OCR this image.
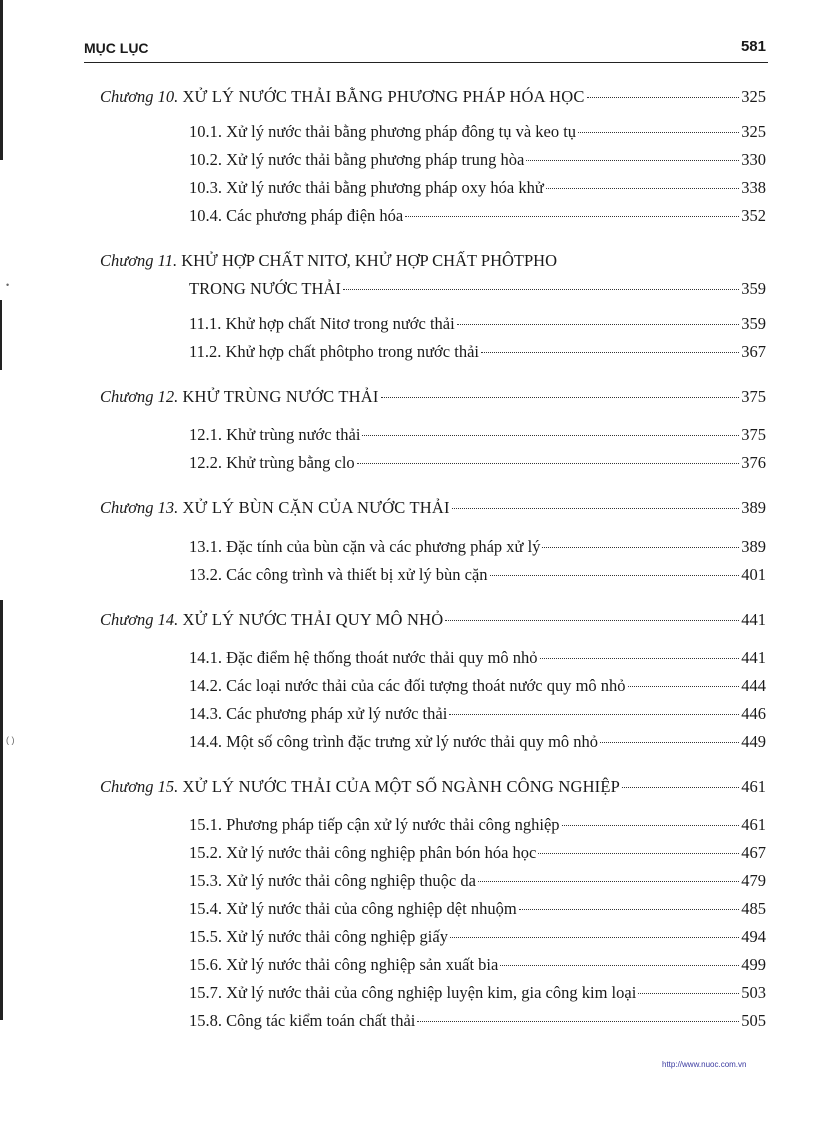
•
( )
MỤC LỤC	581
Chương 10.
XỬ LÝ NƯỚC THẢI BẰNG PHƯƠNG PHÁP HÓA HỌC	325
10.1. Xử lý nước thải bằng phương pháp đông tụ và keo tụ	325
10.2. Xử lý nước thải bằng phương pháp trung hòa	330
10.3. Xử lý nước thải bằng phương pháp oxy hóa khử	338
10.4. Các phương pháp điện hóa	352
Chương 11. KHỬ HỢP CHẤT NITƠ, KHỬ HỢP CHẤT PHÔTPHO
TRONG NƯỚC THẢI	359
11.1. Khử hợp chất Nitơ trong nước thải	359
11.2. Khử hợp chất phôtpho trong nước thải	367
Chương 12.
KHỬ TRÙNG NƯỚC THẢI	375
12.1. Khử trùng nước thải	375
12.2. Khử trùng bằng clo	376
Chương 13.
XỬ LÝ BÙN CẶN CỦA NƯỚC THẢI	389
13.1. Đặc tính của bùn cặn và các phương pháp xử lý	389
13.2. Các công trình và thiết bị xử lý bùn cặn	401
Chương 14.
XỬ LÝ NƯỚC THẢI QUY MÔ NHỎ	441
14.1. Đặc điểm hệ thống thoát nước thải quy mô nhỏ	441
14.2. Các loại nước thải của các đối tượng thoát nước quy mô nhỏ	444
14.3. Các phương pháp xử lý nước thải	446
14.4. Một số công trình đặc trưng xử lý nước thải quy mô nhỏ	449
Chương 15.
XỬ LÝ NƯỚC THẢI CỦA MỘT SỐ NGÀNH CÔNG NGHIỆP	461
15.1. Phương pháp tiếp cận xử lý nước thải công nghiệp	461
15.2. Xử lý nước thải công nghiệp phân bón hóa học	467
15.3. Xử lý nước thải công nghiệp thuộc da	479
15.4. Xử lý nước thải của công nghiệp dệt nhuộm	485
15.5. Xử lý nước thải công nghiệp giấy	494
15.6. Xử lý nước thải công nghiệp sản xuất bia	499
15.7. Xử lý nước thải của công nghiệp luyện kim, gia công kim loại	503
15.8. Công tác kiểm toán chất thải	505
http://www.nuoc.com.vn
